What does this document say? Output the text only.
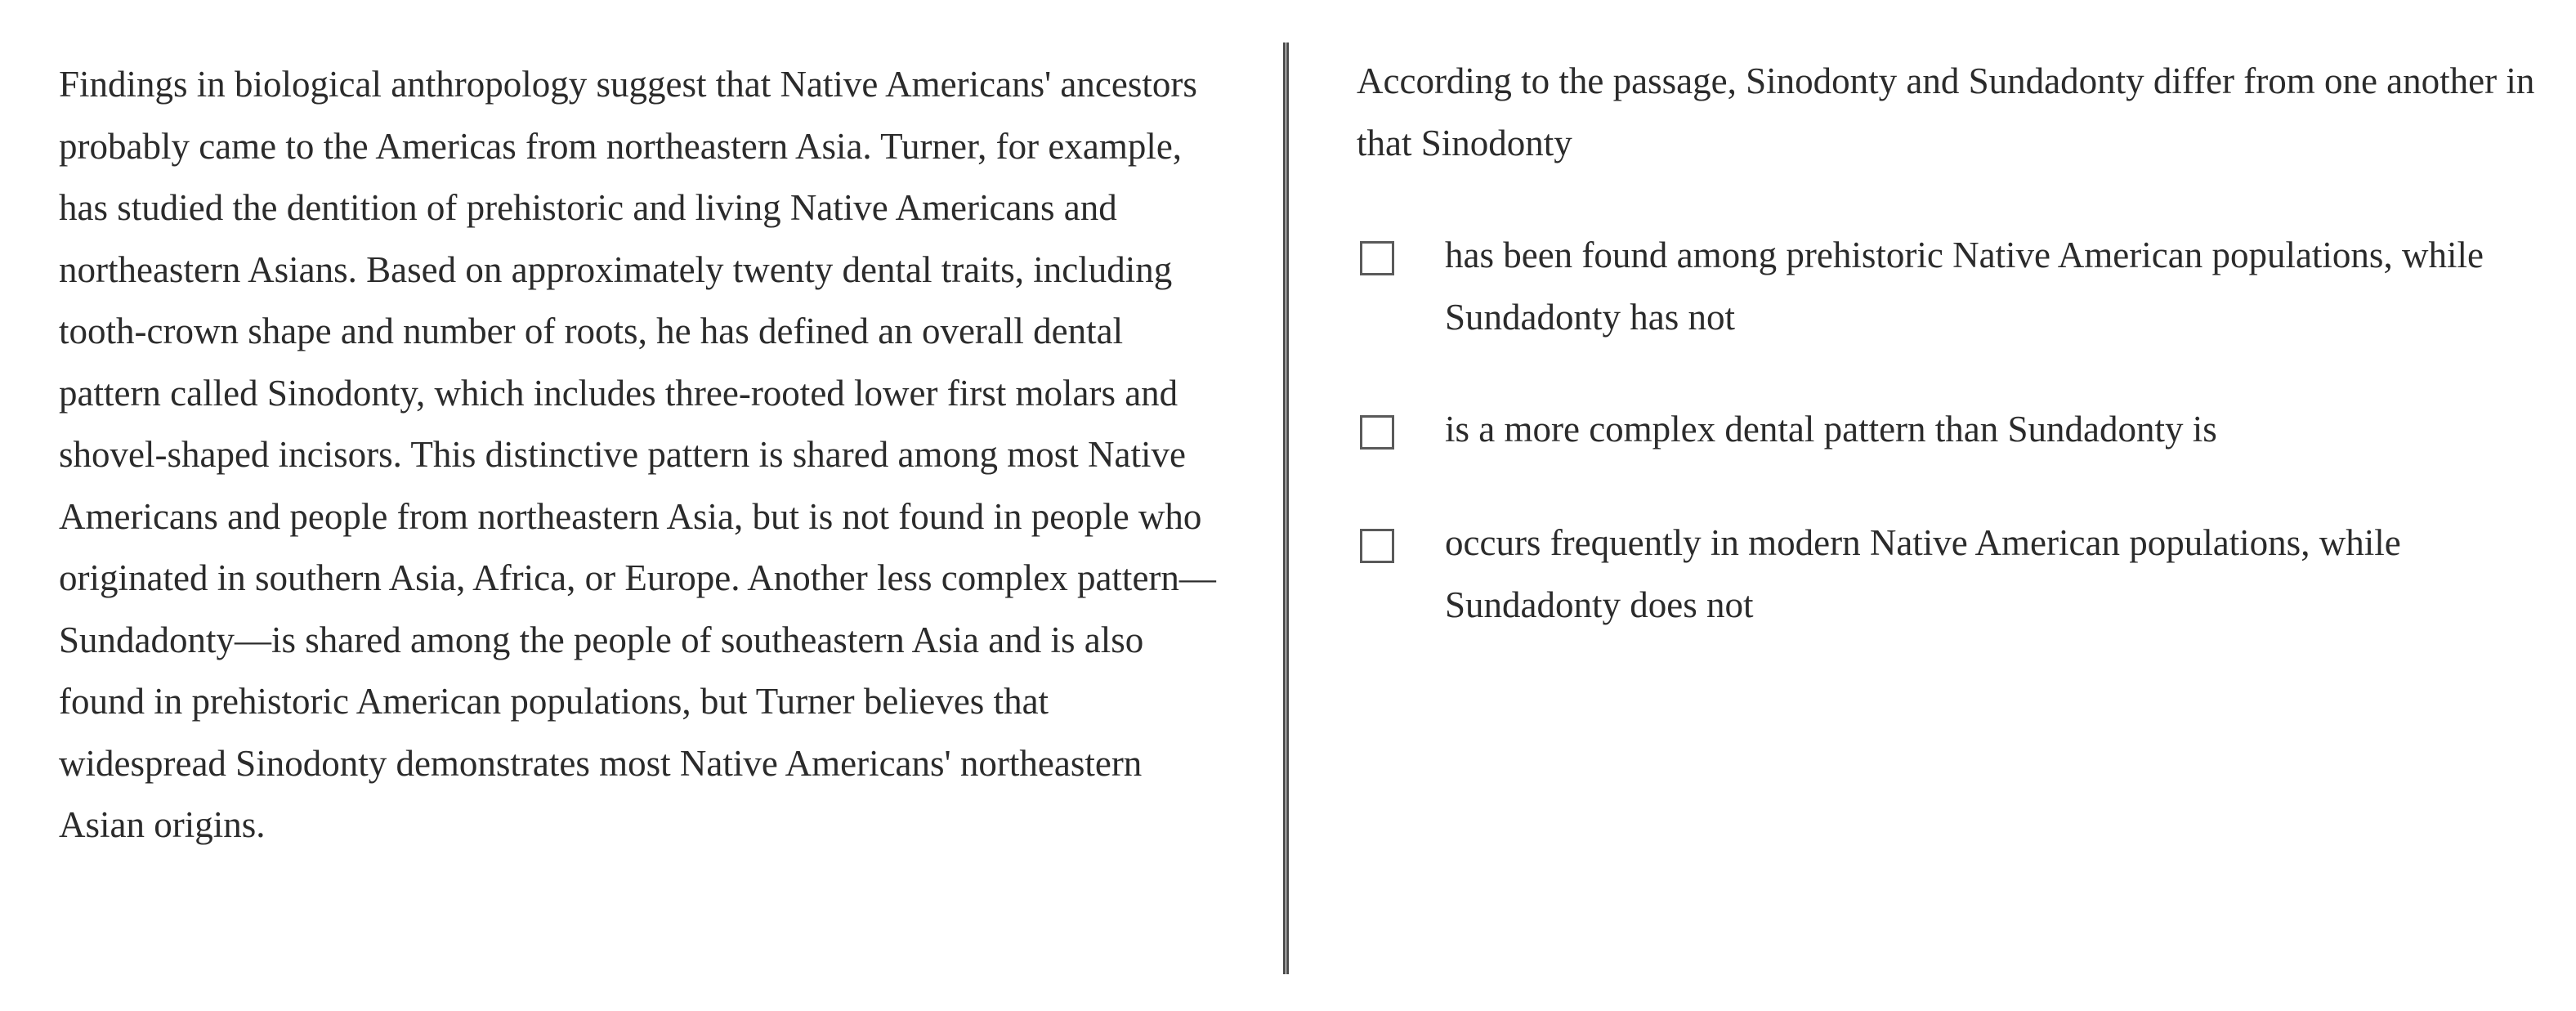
Findings in biological anthropology suggest that Native Americans' ancestors probably came to the Americas from northeastern Asia. Turner, for example, has studied the dentition of prehistoric and living Native Americans and northeastern Asians. Based on approximately twenty dental traits, including tooth-crown shape and number of roots, he has defined an overall dental pattern called Sinodonty, which includes three-rooted lower first molars and shovel-shaped incisors. This distinctive pattern is shared among most Native Americans and people from northeastern Asia, but is not found in people who originated in southern Asia, Africa, or Europe. Another less complex pattern—Sundadonty—is shared among the people of southeastern Asia and is also found in prehistoric American populations, but Turner believes that widespread Sinodonty demonstrates most Native Americans' northeastern Asian origins.

According to the passage, Sinodonty and Sundadonty differ from one another in that Sinodonty

has been found among prehistoric Native American populations, while Sundadonty has not
is a more complex dental pattern than Sundadonty is
occurs frequently in modern Native American populations, while Sundadonty does not
